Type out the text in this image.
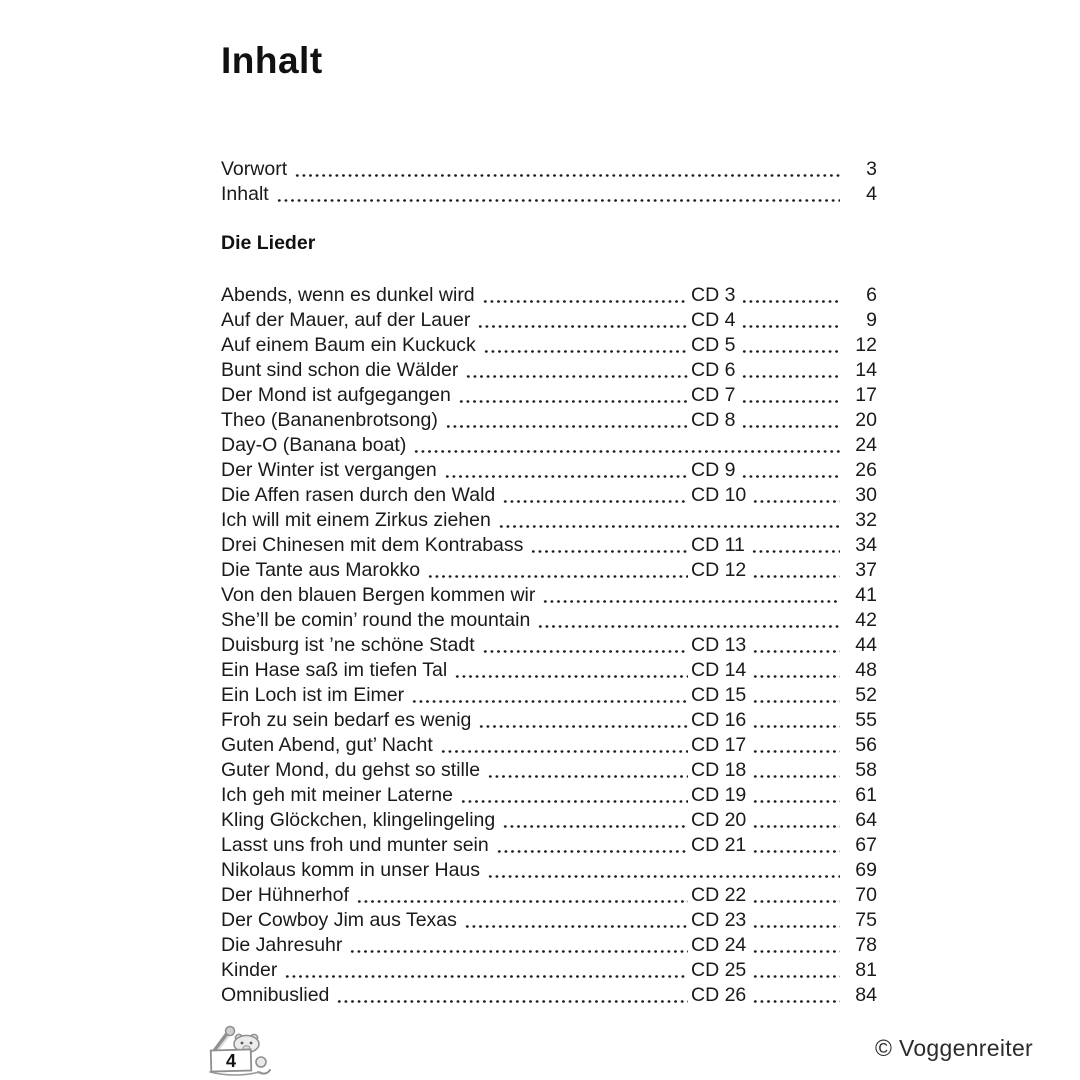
Inhalt
Vorwort	3
Inhalt	4
Die Lieder
Abends, wenn es dunkel wird	CD 3	6
Auf der Mauer, auf der Lauer	CD 4	9
Auf einem Baum ein Kuckuck	CD 5	12
Bunt sind schon die Wälder	CD 6	14
Der Mond ist aufgegangen	CD 7	17
Theo (Bananenbrotsong)	CD 8	20
Day-O (Banana boat)	24
Der Winter ist vergangen	CD 9	26
Die Affen rasen durch den Wald	CD 10	30
Ich will mit einem Zirkus ziehen	32
Drei Chinesen mit dem Kontrabass	CD 11	34
Die Tante aus Marokko	CD 12	37
Von den blauen Bergen kommen wir	41
She’ll be comin’ round the mountain	42
Duisburg ist ’ne schöne Stadt	CD 13	44
Ein Hase saß im tiefen Tal	CD 14	48
Ein Loch ist im Eimer	CD 15	52
Froh zu sein bedarf es wenig	CD 16	55
Guten Abend, gut’ Nacht	CD 17	56
Guter Mond, du gehst so stille	CD 18	58
Ich geh mit meiner Laterne	CD 19	61
Kling Glöckchen, klingelingeling	CD 20	64
Lasst uns froh und munter sein	CD 21	67
Nikolaus komm in unser Haus	69
Der Hühnerhof	CD 22	70
Der Cowboy Jim aus Texas	CD 23	75
Die Jahresuhr	CD 24	78
Kinder	CD 25	81
Omnibuslied	CD 26	84
4	© Voggenreiter
